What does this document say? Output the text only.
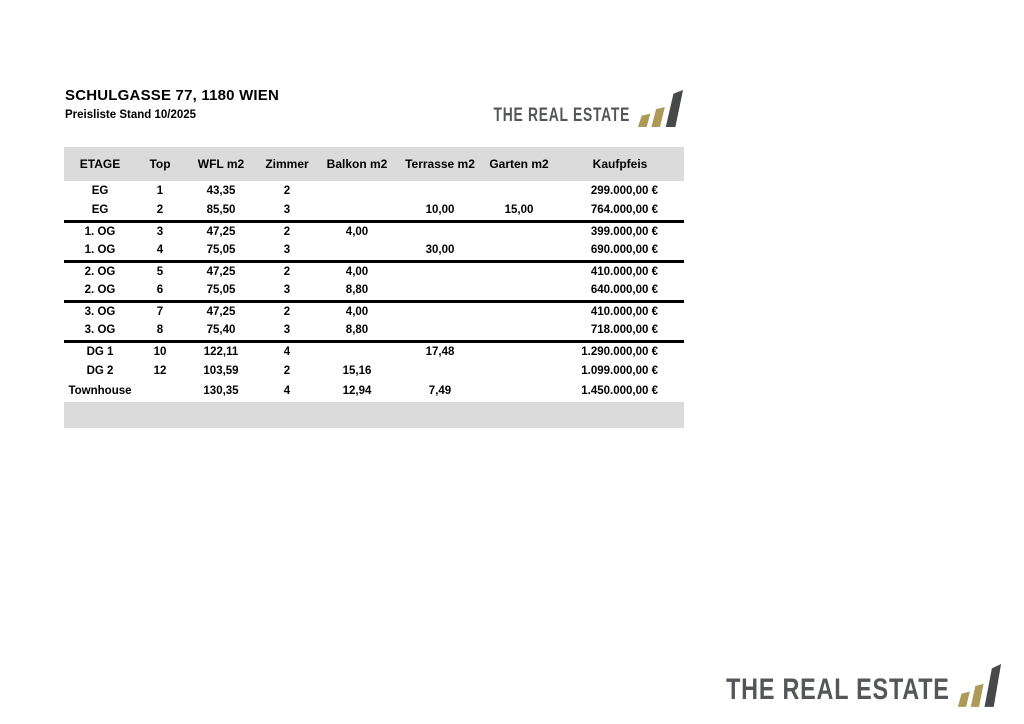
SCHULGASSE 77, 1180 WIEN
Preisliste Stand 10/2025	THE REAL ESTATE
ETAGE	Top	WFL m2	Zimmer	Balkon m2	Terrasse m2	Garten m2	Kaufpfeis
EG	1	43,35	2				299.000,00 €
EG	2	85,50	3		10,00	15,00	764.000,00 €
1. OG	3	47,25	2	4,00			399.000,00 €
1. OG	4	75,05	3		30,00		690.000,00 €
2. OG	5	47,25	2	4,00			410.000,00 €
2. OG	6	75,05	3	8,80			640.000,00 €
3. OG	7	47,25	2	4,00			410.000,00 €
3. OG	8	75,40	3	8,80			718.000,00 €
DG 1	10	122,11	4		17,48		1.290.000,00 €
DG 2	12	103,59	2	15,16			1.099.000,00 €
Townhouse		130,35	4	12,94	7,49		1.450.000,00 €
THE REAL ESTATE
